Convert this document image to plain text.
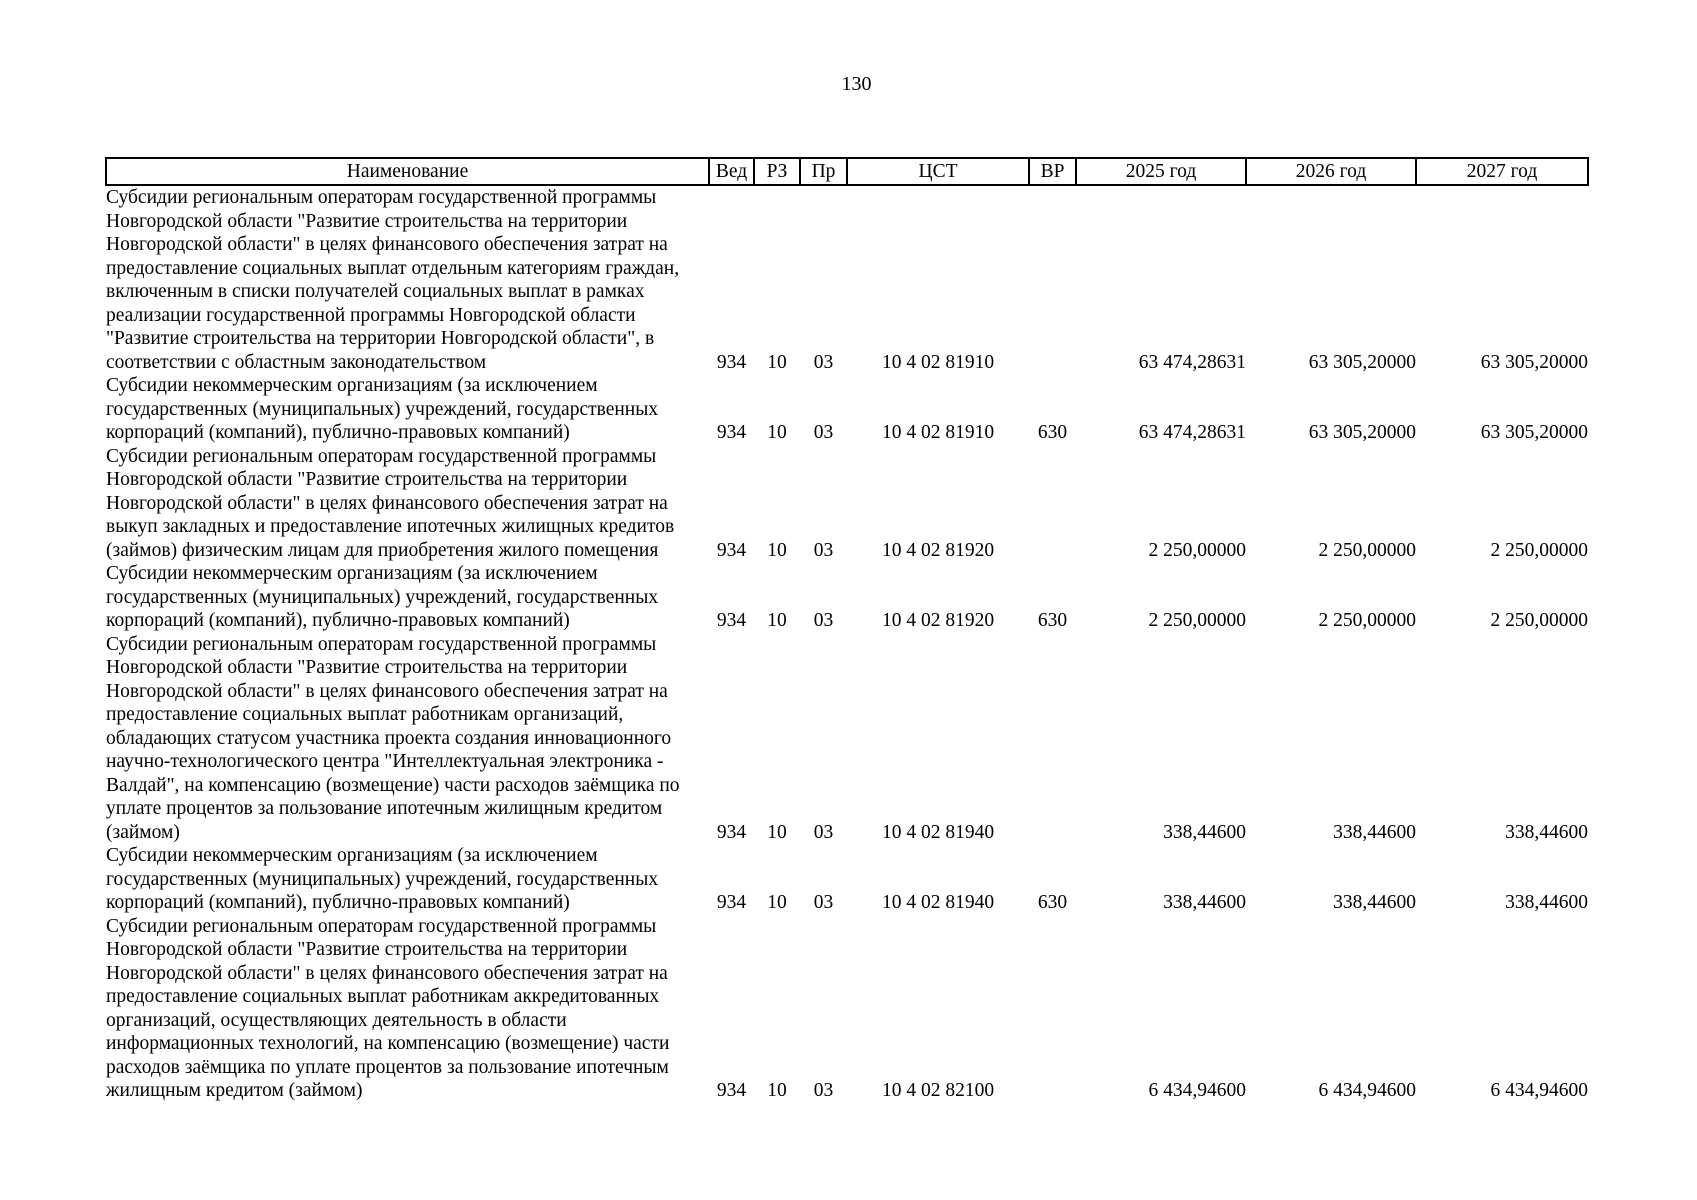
130
Наименование	Вед	РЗ	Пр	ЦСТ	ВР	2025 год	2026 год	2027 год
Субсидии региональным операторам государственной программы Новгородской области "Развитие строительства на территории Новгородской области" в целях финансового обеспечения затрат на предоставление социальных выплат отдельным категориям граждан, включенным в списки получателей социальных выплат в рамках реализации государственной программы Новгородской области "Развитие строительства на территории Новгородской области", в соответствии с областным законодательством	934	10	03	10 4 02 81910		63 474,28631	63 305,20000	63 305,20000
Субсидии некоммерческим организациям (за исключением государственных (муниципальных) учреждений, государственных корпораций (компаний), публично-правовых компаний)	934	10	03	10 4 02 81910	630	63 474,28631	63 305,20000	63 305,20000
Субсидии региональным операторам государственной программы Новгородской области "Развитие строительства на территории Новгородской области" в целях финансового обеспечения затрат на выкуп закладных и предоставление ипотечных жилищных кредитов (займов) физическим лицам для приобретения жилого помещения	934	10	03	10 4 02 81920		2 250,00000	2 250,00000	2 250,00000
Субсидии некоммерческим организациям (за исключением государственных (муниципальных) учреждений, государственных корпораций (компаний), публично-правовых компаний)	934	10	03	10 4 02 81920	630	2 250,00000	2 250,00000	2 250,00000
Субсидии региональным операторам государственной программы Новгородской области "Развитие строительства на территории Новгородской области" в целях финансового обеспечения затрат на предоставление социальных выплат работникам организаций, обладающих статусом участника проекта создания инновационного научно-технологического центра "Интеллектуальная электроника - Валдай", на компенсацию (возмещение) части расходов заёмщика по уплате процентов за пользование ипотечным жилищным кредитом (займом)	934	10	03	10 4 02 81940		338,44600	338,44600	338,44600
Субсидии некоммерческим организациям (за исключением государственных (муниципальных) учреждений, государственных корпораций (компаний), публично-правовых компаний)	934	10	03	10 4 02 81940	630	338,44600	338,44600	338,44600
Субсидии региональным операторам государственной программы Новгородской области "Развитие строительства на территории Новгородской области" в целях финансового обеспечения затрат на предоставление социальных выплат работникам аккредитованных организаций, осуществляющих деятельность в области информационных технологий, на компенсацию (возмещение) части расходов заёмщика по уплате процентов за пользование ипотечным жилищным кредитом (займом)	934	10	03	10 4 02 82100		6 434,94600	6 434,94600	6 434,94600
